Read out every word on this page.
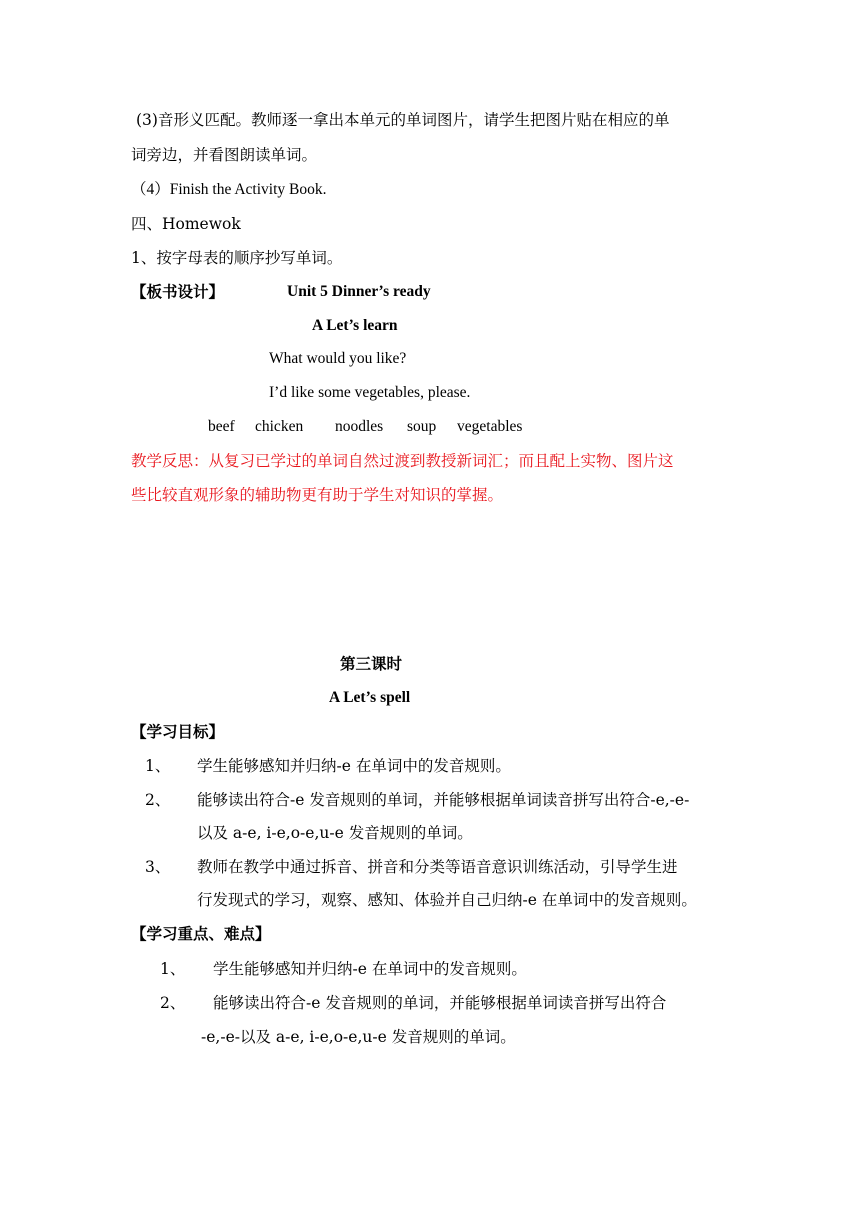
(3)音形义匹配。教师逐一拿出本单元的单词图片，请学生把图片贴在相应的单
词旁边，并看图朗读单词。
（4）Finish the Activity Book.
四、Homewok
1、按字母表的顺序抄写单词。
【板书设计】	Unit 5 Dinner’s ready
A Let’s learn
What would you like?
I’d like some vegetables, please.
beef chicken noodles soup vegetables
教学反思：从复习已学过的单词自然过渡到教授新词汇；而且配上实物、图片这
些比较直观形象的辅助物更有助于学生对知识的掌握。
第三课时
A Let’s spell
【学习目标】
1、 学生能够感知并归纳-e 在单词中的发音规则。
2、 能够读出符合-e 发音规则的单词，并能够根据单词读音拼写出符合-e,-e-
以及 a-e, i-e,o-e,u-e 发音规则的单词。
3、 教师在教学中通过拆音、拼音和分类等语音意识训练活动，引导学生进
行发现式的学习，观察、感知、体验并自己归纳-e 在单词中的发音规则。
【学习重点、难点】
1、 学生能够感知并归纳-e 在单词中的发音规则。
2、 能够读出符合-e 发音规则的单词，并能够根据单词读音拼写出符合
-e,-e-以及 a-e, i-e,o-e,u-e 发音规则的单词。
